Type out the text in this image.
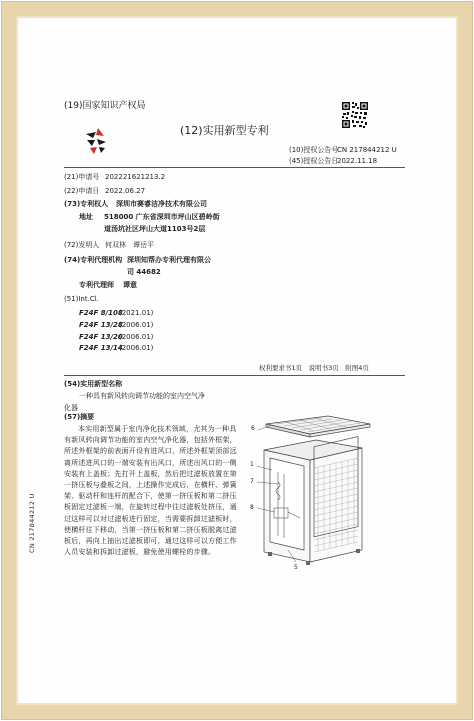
(19)国家知识产权局
(12)实用新型专利
(10)授权公告号
CN 217844212 U
(45)授权公告日
2022.11.18
(21)申请号 202221621213.2
(22)申请日 2022.06.27
(73)专利权人 深圳市赛睿洁净技术有限公司
地址 518000 广东省深圳市坪山区碧岭街
道汤坑社区坪山大道1103号2层
(72)发明人 何双林　谭岳平
(74)专利代理机构 深圳知帮办专利代理有限公
司 44682
专利代理师 谭意
(51)Int.Cl.
F24F 8/108
(2021.01)
F24F 13/28
(2006.01)
F24F 13/20
(2006.01)
F24F 13/14
(2006.01)
权利要求书1页　说明书3页　附图4页
(54)实用新型名称
一种具有新风转向调节功能的室内空气净
化器
(57)摘要
本实用新型属于室内净化技术领域，尤其为一种具有新风转向调节功能的室内空气净化器，包括外框架，所述外框架的前表面开设有进风口，所述外框架顶部远离所述进风口的一端安装有出风口，所述出风口的一侧安装有上盖板；先打开上盖板，然后把过滤板放置在第一挤压板与叠板之间，上述操作完成后，在横杆、弹簧架、驱动杆和连杆的配合下，使第一挤压板和第二挤压板固定过滤板一端，在旋转过程中往过滤板处挤压，通过这样可以对过滤板进行固定，当需要拆卸过滤板时，使横杆往下移动，当第一挤压板和第二挤压板脱离过滤板后，再向上抽出过滤板即可，通过这样可以方便工作人员安装和拆卸过滤板，避免使用螺栓的步骤。
6
1
7
8
5
CN 217844212 U
